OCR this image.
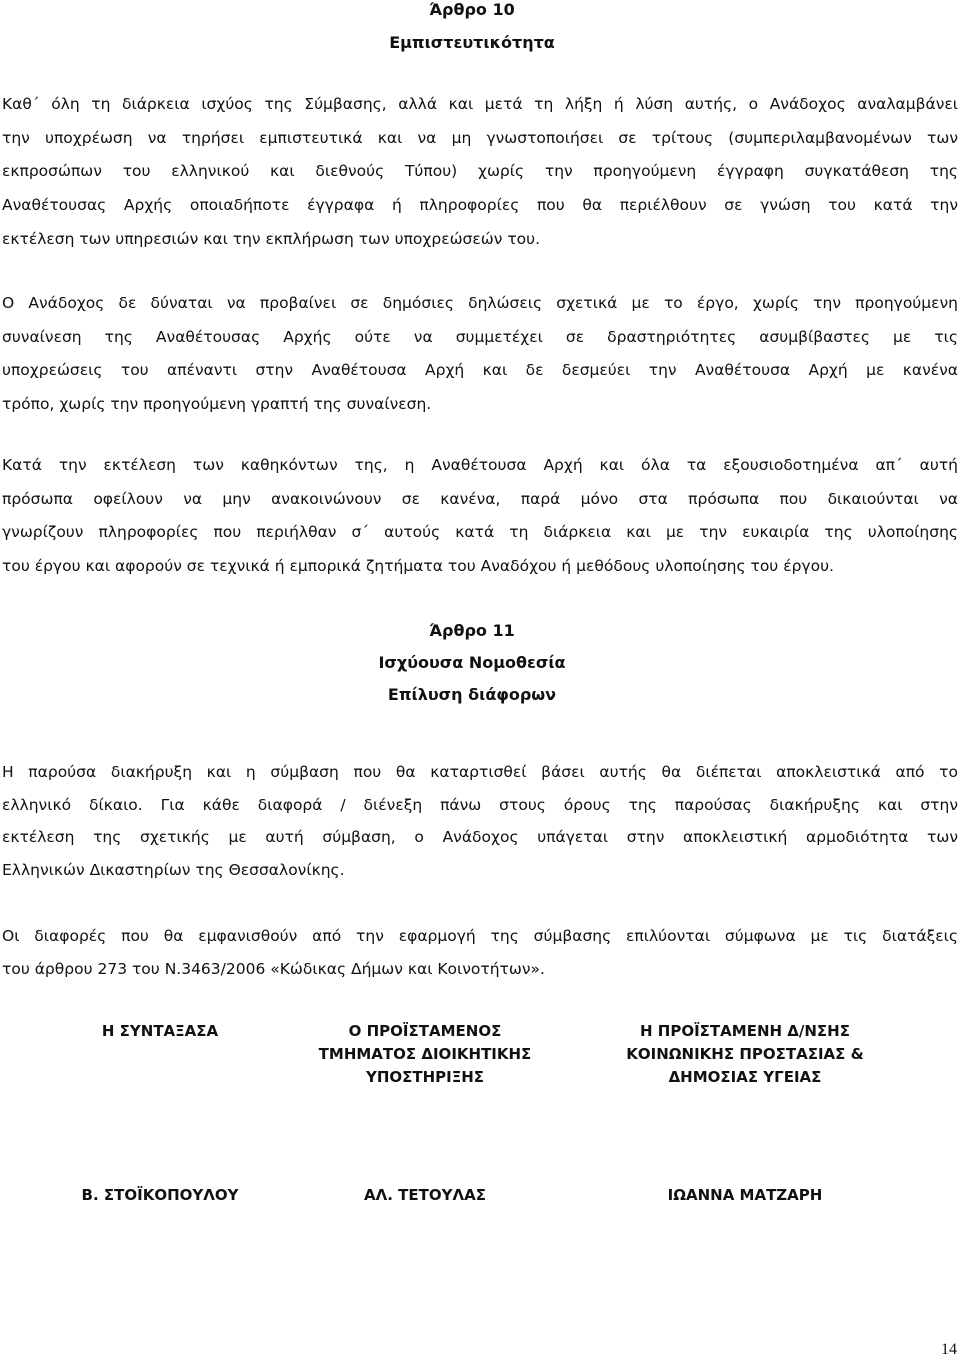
Άρθρο 10
Εμπιστευτικότητα
Καθ΄ όλη τη διάρκεια ισχύος της Σύμβασης, αλλά και μετά τη λήξη ή λύση αυτής, ο Ανάδοχος αναλαμβάνει
την υποχρέωση να τηρήσει εμπιστευτικά και να μη γνωστοποιήσει σε τρίτους (συμπεριλαμβανομένων των
εκπροσώπων του ελληνικού και διεθνούς Τύπου) χωρίς την προηγούμενη έγγραφη συγκατάθεση της
Αναθέτουσας Αρχής οποιαδήποτε έγγραφα ή πληροφορίες που θα περιέλθουν σε γνώση του κατά την
εκτέλεση των υπηρεσιών και την εκπλήρωση των υποχρεώσεών του.
Ο Ανάδοχος δε δύναται να προβαίνει σε δημόσιες δηλώσεις σχετικά με το έργο, χωρίς την προηγούμενη
συναίνεση της Αναθέτουσας Αρχής ούτε να συμμετέχει σε δραστηριότητες ασυμβίβαστες με τις
υποχρεώσεις του απέναντι στην Αναθέτουσα Αρχή και δε δεσμεύει την Αναθέτουσα Αρχή με κανένα
τρόπο, χωρίς την προηγούμενη γραπτή της συναίνεση.
Κατά την εκτέλεση των καθηκόντων της, η Αναθέτουσα Αρχή και όλα τα εξουσιοδοτημένα απ΄ αυτή
πρόσωπα οφείλουν να μην ανακοινώνουν σε κανένα, παρά μόνο στα πρόσωπα που δικαιούνται να
γνωρίζουν πληροφορίες που περιήλθαν σ΄ αυτούς κατά τη διάρκεια και με την ευκαιρία της υλοποίησης
του έργου και αφορούν σε τεχνικά ή εμπορικά ζητήματα του Αναδόχου ή μεθόδους υλοποίησης του έργου.
Άρθρο 11
Ισχύουσα Νομοθεσία
Επίλυση διάφορων
Η παρούσα διακήρυξη και η σύμβαση που θα καταρτισθεί βάσει αυτής θα διέπεται αποκλειστικά από το
ελληνικό δίκαιο. Για κάθε διαφορά / διένεξη πάνω στους όρους της παρούσας διακήρυξης και στην
εκτέλεση της σχετικής με αυτή σύμβαση, ο Ανάδοχος υπάγεται στην αποκλειστική αρμοδιότητα των
Ελληνικών Δικαστηρίων της Θεσσαλονίκης.
Οι διαφορές που θα εμφανισθούν από την εφαρμογή της σύμβασης επιλύονται σύμφωνα με τις διατάξεις
του άρθρου 273 του Ν.3463/2006 «Κώδικας Δήμων και Κοινοτήτων».
Η ΣΥΝΤΑΞΑΣΑ	Ο ΠΡΟΪΣΤΑΜΕΝΟΣ
ΤΜΗΜΑΤΟΣ ΔΙΟΙΚΗΤΙΚΗΣ
ΥΠΟΣΤΗΡΙΞΗΣ
Η ΠΡΟΪΣΤΑΜΕΝΗ Δ/ΝΣΗΣ
ΚΟΙΝΩΝΙΚΗΣ ΠΡΟΣΤΑΣΙΑΣ &
ΔΗΜΟΣΙΑΣ ΥΓΕΙΑΣ
Β. ΣΤΟΪΚΟΠΟΥΛΟΥ	ΑΛ. ΤΕΤΟΥΛΑΣ	ΙΩΑΝΝΑ ΜΑΤΖΑΡΗ
14
